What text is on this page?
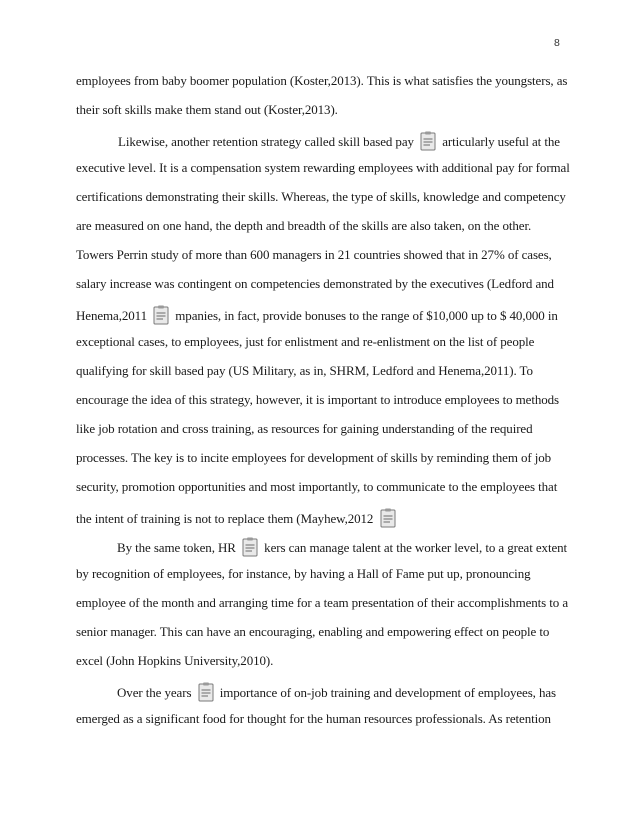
8
employees from baby boomer population (Koster,2013). This is what satisfies the youngsters, as
their soft skills make them stand out (Koster,2013).
Likewise, another retention strategy called skill based pay articularly useful at the
executive level. It is a compensation system rewarding employees with additional pay for formal
certifications demonstrating their skills. Whereas, the type of skills, knowledge and competency
are measured on one hand, the depth and breadth of the skills are also taken, on the other.
Towers Perrin study of more than 600 managers in 21 countries showed that in 27% of cases,
salary increase was contingent on competencies demonstrated by the executives (Ledford and
Henema,2011 mpanies, in fact, provide bonuses to the range of $10,000 up to $ 40,000 in
exceptional cases, to employees, just for enlistment and re-enlistment on the list of people
qualifying for skill based pay (US Military, as in, SHRM, Ledford and Henema,2011). To
encourage the idea of this strategy, however, it is important to introduce employees to methods
like job rotation and cross training, as resources for gaining understanding of the required
processes. The key is to incite employees for development of skills by reminding them of job
security, promotion opportunities and most importantly, to communicate to the employees that
the intent of training is not to replace them (Mayhew,2012
By the same token, HR kers can manage talent at the worker level, to a great extent
by recognition of employees, for instance, by having a Hall of Fame put up, pronouncing
employee of the month and arranging time for a team presentation of their accomplishments to a
senior manager. This can have an encouraging, enabling and empowering effect on people to
excel (John Hopkins University,2010).
Over the years importance of on-job training and development of employees, has
emerged as a significant food for thought for the human resources professionals. As retention
